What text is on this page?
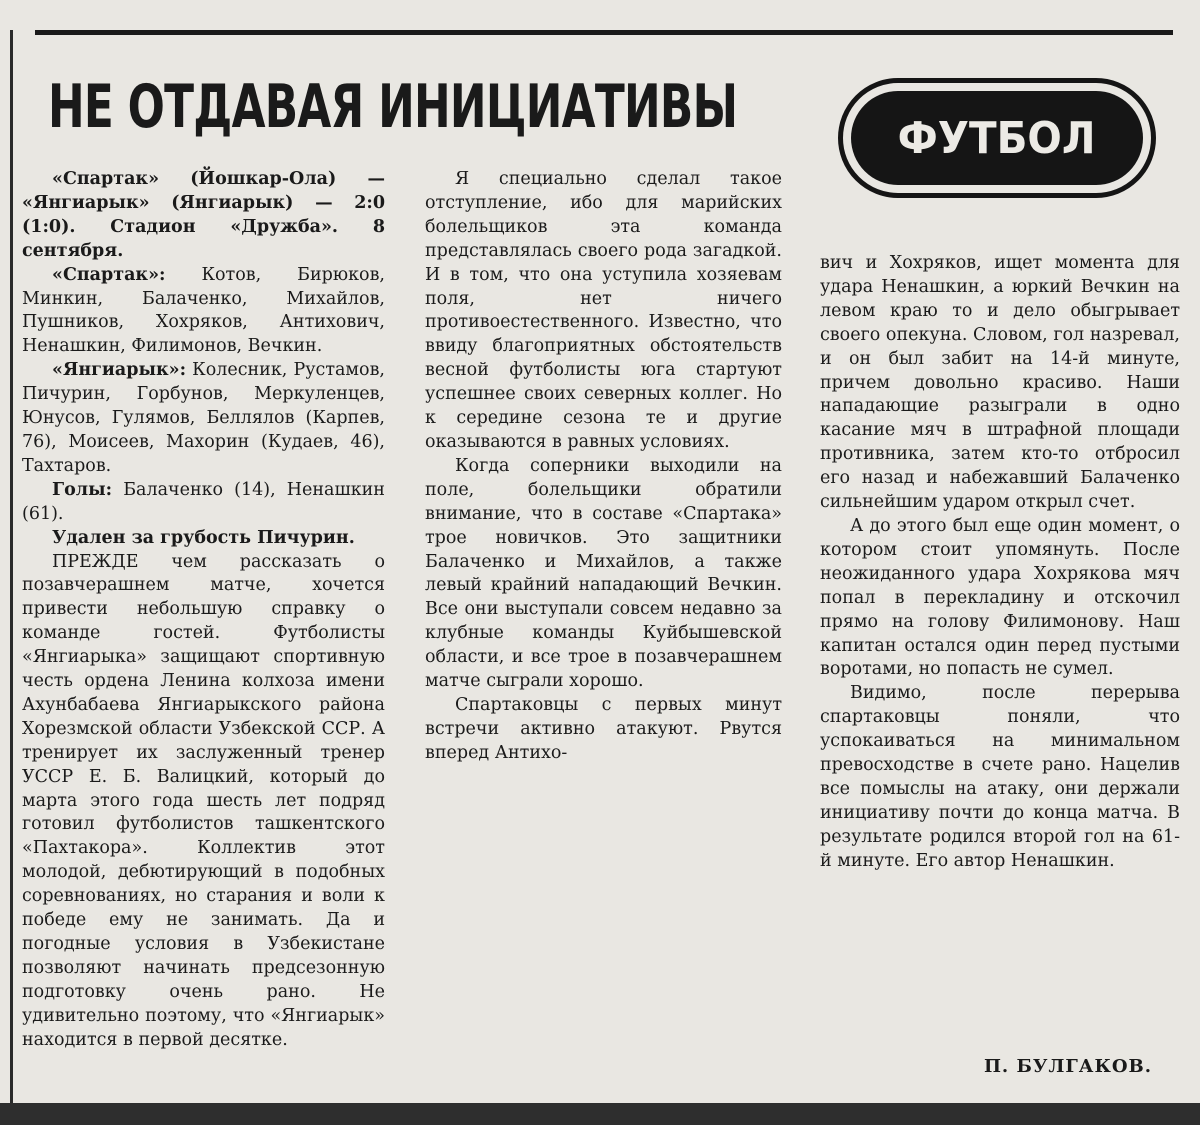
НЕ ОТДАВАЯ ИНИЦИАТИВЫ	ФУТБОЛ

«Спартак» (Йошкар-Ола) — «Янгиарык» (Янгиарык) — 2:0 (1:0). Стадион «Дружба». 8 сентября.

«Спартак»: Котов, Бирюков, Минкин, Балаченко, Михайлов, Пушников, Хохряков, Антихович, Ненашкин, Филимонов, Вечкин.

«Янгиарык»: Колесник, Рустамов, Пичурин, Горбунов, Меркуленцев, Юнусов, Гулямов, Беллялов (Карпев, 76), Моисеев, Махорин (Кудаев, 46), Тахтаров.

Голы: Балаченко (14), Ненашкин (61).

Удален за грубость Пичурин.

ПРЕЖДЕ чем рассказать о позавчерашнем матче, хочется привести небольшую справку о команде гостей. Футболисты «Янгиарыка» защищают спортивную честь ордена Ленина колхоза имени Ахунбабаева Янгиарыкского района Хорезмской области Узбекской ССР. А тренирует их заслуженный тренер УССР Е. Б. Валицкий, который до марта этого года шесть лет подряд готовил футболистов ташкентского «Пахтакора». Коллектив этот молодой, дебютирующий в подобных соревнованиях, но старания и воли к победе ему не занимать. Да и погодные условия в Узбекистане позволяют начинать предсезонную подготовку очень рано. Не удивительно поэтому, что «Янгиарык» находится в первой десятке.

Я специально сделал такое отступление, ибо для марийских болельщиков эта команда представлялась своего рода загадкой. И в том, что она уступила хозяевам поля, нет ничего противоестественного. Известно, что ввиду благоприятных обстоятельств весной футболисты юга стартуют успешнее своих северных коллег. Но к середине сезона те и другие оказываются в равных условиях.

Когда соперники выходили на поле, болельщики обратили внимание, что в составе «Спартака» трое новичков. Это защитники Балаченко и Михайлов, а также левый крайний нападающий Вечкин. Все они выступали совсем недавно за клубные команды Куйбышевской области, и все трое в позавчерашнем матче сыграли хорошо.

Спартаковцы с первых минут встречи активно атакуют. Рвутся вперед Антихо-

вич и Хохряков, ищет момента для удара Ненашкин, а юркий Вечкин на левом краю то и дело обыгрывает своего опекуна. Словом, гол назревал, и он был забит на 14-й минуте, причем довольно красиво. Наши нападающие разыграли в одно касание мяч в штрафной площади противника, затем кто-то отбросил его назад и набежавший Балаченко сильнейшим ударом открыл счет.

А до этого был еще один момент, о котором стоит упомянуть. После неожиданного удара Хохрякова мяч попал в перекладину и отскочил прямо на голову Филимонову. Наш капитан остался один перед пустыми воротами, но попасть не сумел.

Видимо, после перерыва спартаковцы поняли, что успокаиваться на минимальном превосходстве в счете рано. Нацелив все помыслы на атаку, они держали инициативу почти до конца матча. В результате родился второй гол на 61-й минуте. Его автор Ненашкин.

П. БУЛГАКОВ.
